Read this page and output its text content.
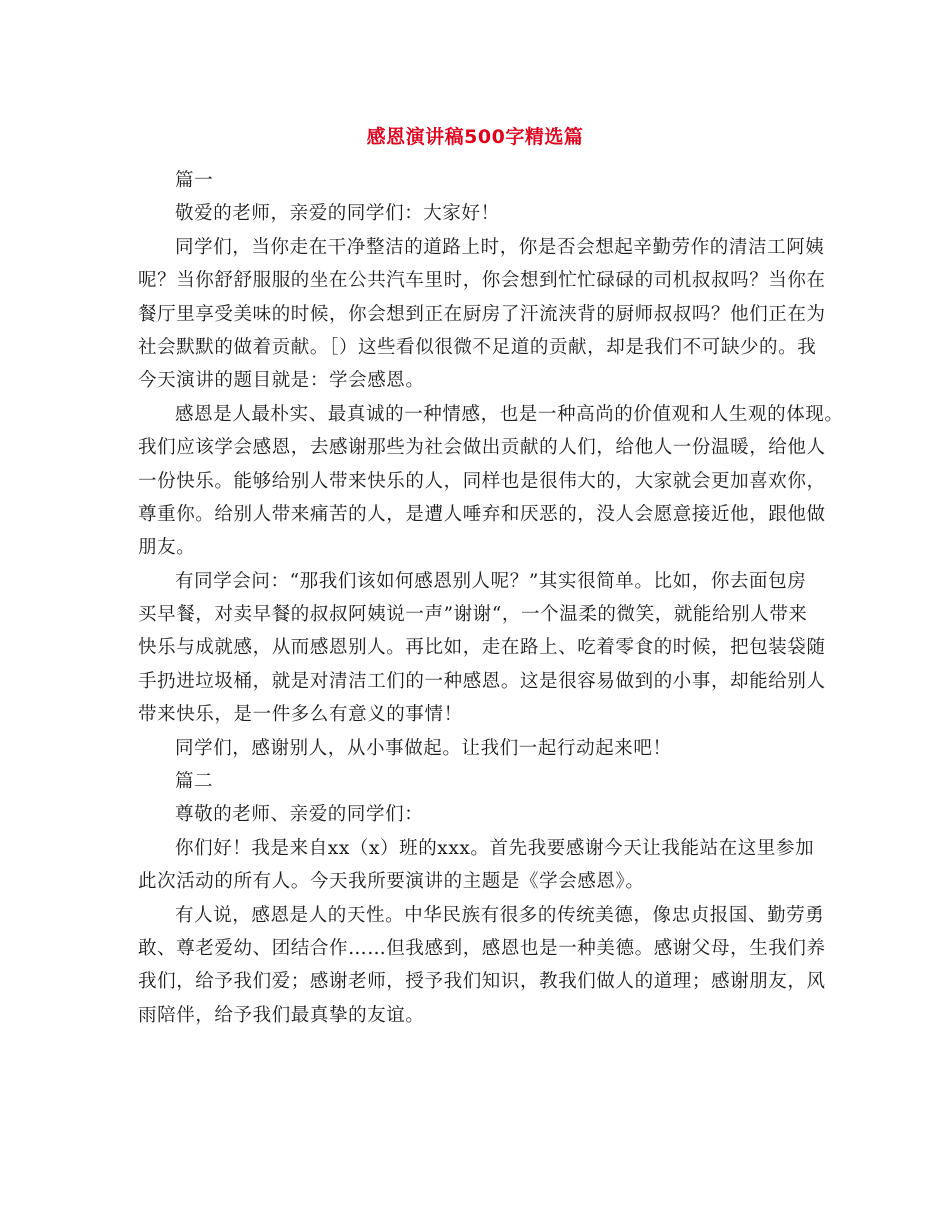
感恩演讲稿500字精选篇
篇一
敬爱的老师，亲爱的同学们：大家好！
同学们，当你走在干净整洁的道路上时，你是否会想起辛勤劳作的清洁工阿姨
呢？当你舒舒服服的坐在公共汽车里时，你会想到忙忙碌碌的司机叔叔吗？当你在
餐厅里享受美味的时候，你会想到正在厨房了汗流浃背的厨师叔叔吗？他们正在为
社会默默的做着贡献。［）这些看似很微不足道的贡献，却是我们不可缺少的。我
今天演讲的题目就是：学会感恩。
感恩是人最朴实、最真诚的一种情感，也是一种高尚的价值观和人生观的体现。
我们应该学会感恩，去感谢那些为社会做出贡献的人们，给他人一份温暖，给他人
一份快乐。能够给别人带来快乐的人，同样也是很伟大的，大家就会更加喜欢你，
尊重你。给别人带来痛苦的人，是遭人唾弃和厌恶的，没人会愿意接近他，跟他做
朋友。
有同学会问：“那我们该如何感恩别人呢？”其实很简单。比如，你去面包房
买早餐，对卖早餐的叔叔阿姨说一声”谢谢“，一个温柔的微笑，就能给别人带来
快乐与成就感，从而感恩别人。再比如，走在路上、吃着零食的时候，把包装袋随
手扔进垃圾桶，就是对清洁工们的一种感恩。这是很容易做到的小事，却能给别人
带来快乐，是一件多么有意义的事情！
同学们，感谢别人，从小事做起。让我们一起行动起来吧！
篇二
尊敬的老师、亲爱的同学们：
你们好！我是来自xx（x）班的xxx。首先我要感谢今天让我能站在这里参加
此次活动的所有人。今天我所要演讲的主题是《学会感恩》。
有人说，感恩是人的天性。中华民族有很多的传统美德，像忠贞报国、勤劳勇
敢、尊老爱幼、团结合作……但我感到，感恩也是一种美德。感谢父母，生我们养
我们，给予我们爱；感谢老师，授予我们知识，教我们做人的道理；感谢朋友，风
雨陪伴，给予我们最真挚的友谊。
